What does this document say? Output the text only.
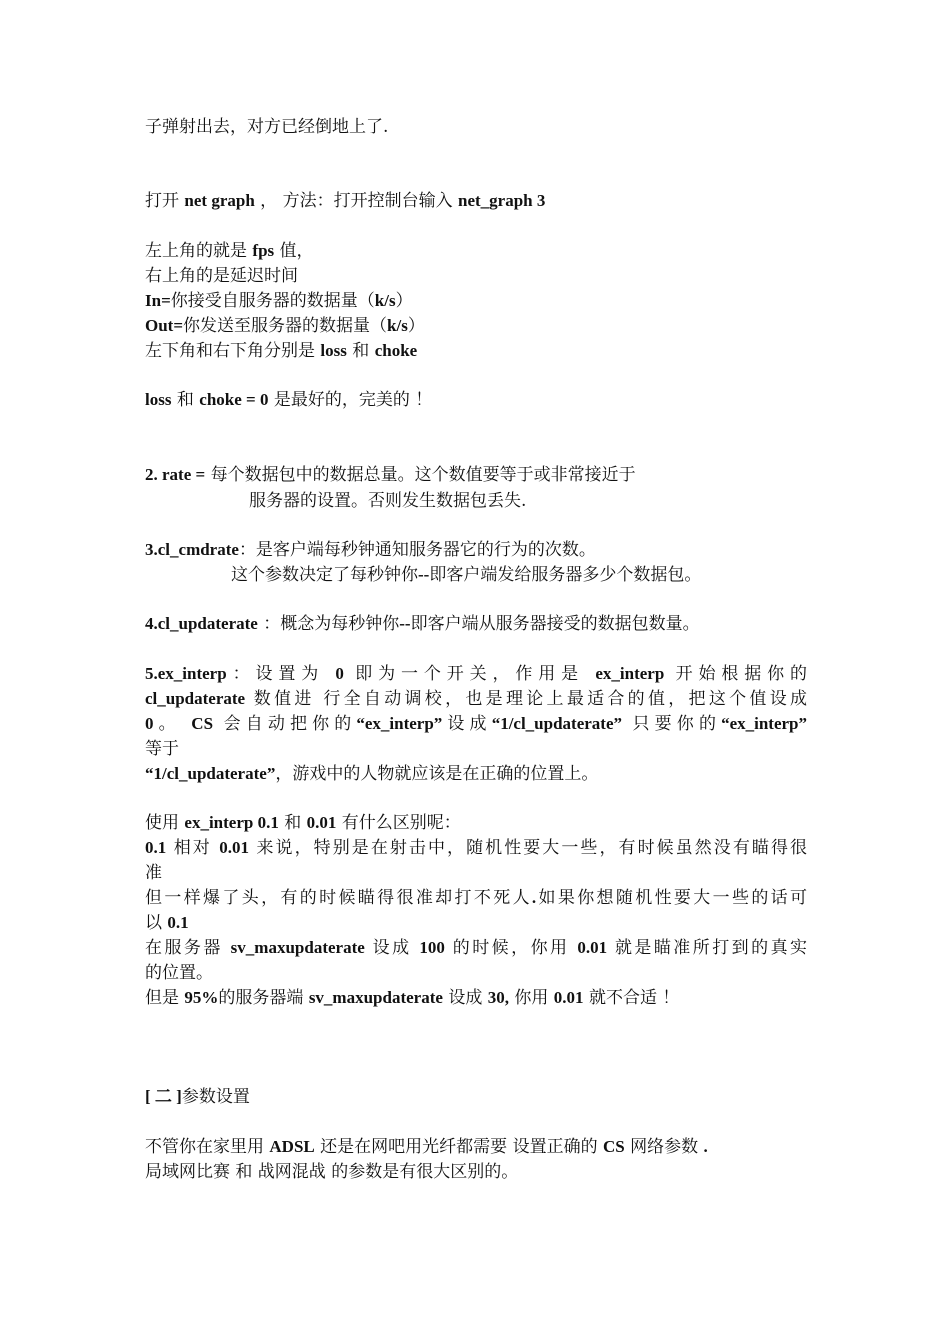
子弹射出去，对方已经倒地上了.
打开 net graph ， 方法：打开控制台输入 net_graph 3
左上角的就是 fps 值，
右上角的是延迟时间
In=你接受自服务器的数据量（k/s）
Out=你发送至服务器的数据量（k/s）
左下角和右下角分别是 loss 和 choke
loss 和 choke = 0 是最好的，完美的 ！
2. rate = 每个数据包中的数据总量。这个数值要等于或非常接近于
服务器的设置。否则发生数据包丢失.
3.cl_cmdrate：是客户端每秒钟通知服务器它的行为的次数。
这个参数决定了每秒钟你--即客户端发给服务器多少个数据包。
4.cl_updaterate ：概念为每秒钟你--即客户端从服务器接受的数据包数量。
5.ex_interp：设置为 0 即为一个开关，作用是 ex_interp 开始根据你的
cl_updaterate 数值进 行全自动调校，也是理论上最适合的值，把这个值设成
0。 CS 会自动把你的“ex_interp”设成“1/cl_updaterate” 只要你的“ex_interp”
等于
“1/cl_updaterate”，游戏中的人物就应该是在正确的位置上。
使用 ex_interp 0.1 和 0.01 有什么区别呢：
0.1 相对 0.01 来说，特别是在射击中，随机性要大一些，有时候虽然没有瞄得很
准
但一样爆了头，有的时候瞄得很准却打不死人.如果你想随机性要大一些的话可
以 0.1
在服务器 sv_maxupdaterate 设成 100 的时候，你用 0.01 就是瞄准所打到的真实
的位置。
但是 95%的服务器端 sv_maxupdaterate 设成 30, 你用 0.01 就不合适 ！
[ 二 ]参数设置
不管你在家里用 ADSL 还是在网吧用光纤都需要 设置正确的 CS 网络参数 .
局域网比赛 和 战网混战 的参数是有很大区别的。
